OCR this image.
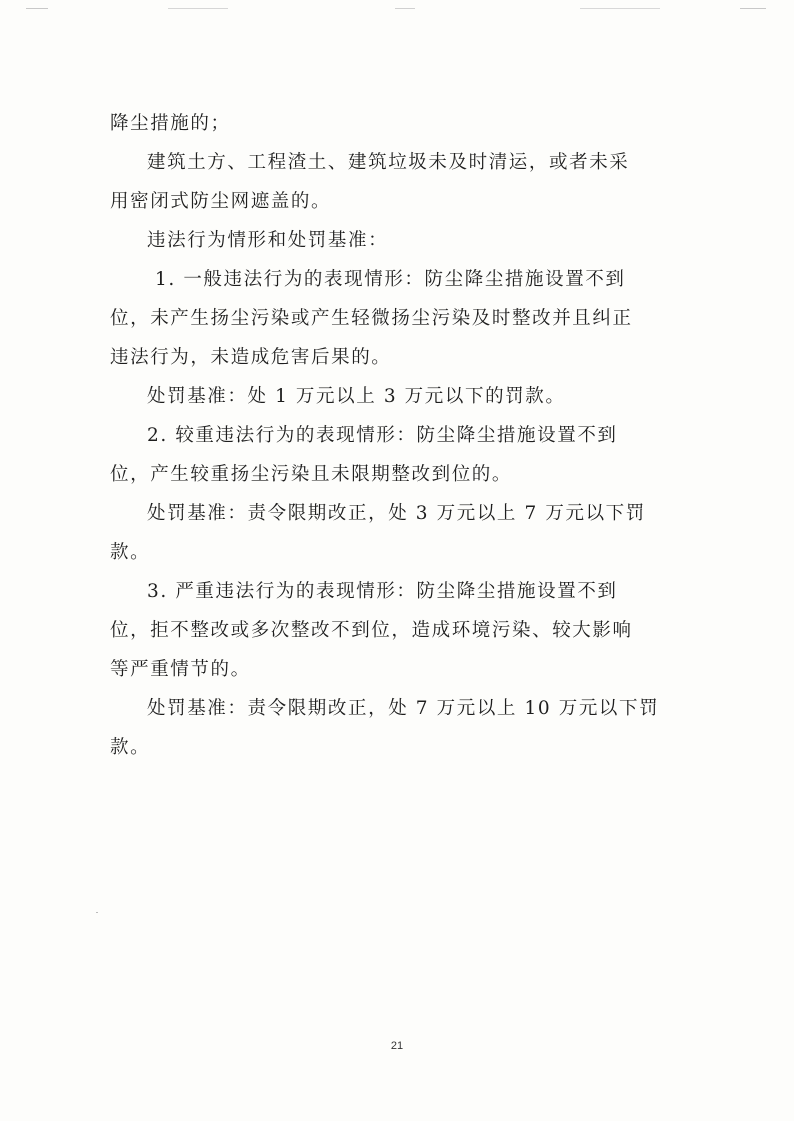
降尘措施的；
建筑土方、工程渣土、建筑垃圾未及时清运，或者未采
用密闭式防尘网遮盖的。
违法行为情形和处罚基准：
1. 一般违法行为的表现情形：防尘降尘措施设置不到
位，未产生扬尘污染或产生轻微扬尘污染及时整改并且纠正
违法行为，未造成危害后果的。
处罚基准：处 1 万元以上 3 万元以下的罚款。
2. 较重违法行为的表现情形：防尘降尘措施设置不到
位，产生较重扬尘污染且未限期整改到位的。
处罚基准：责令限期改正，处 3 万元以上 7 万元以下罚
款。
3. 严重违法行为的表现情形：防尘降尘措施设置不到
位，拒不整改或多次整改不到位，造成环境污染、较大影响
等严重情节的。
处罚基准：责令限期改正，处 7 万元以上 10 万元以下罚
款。
21
